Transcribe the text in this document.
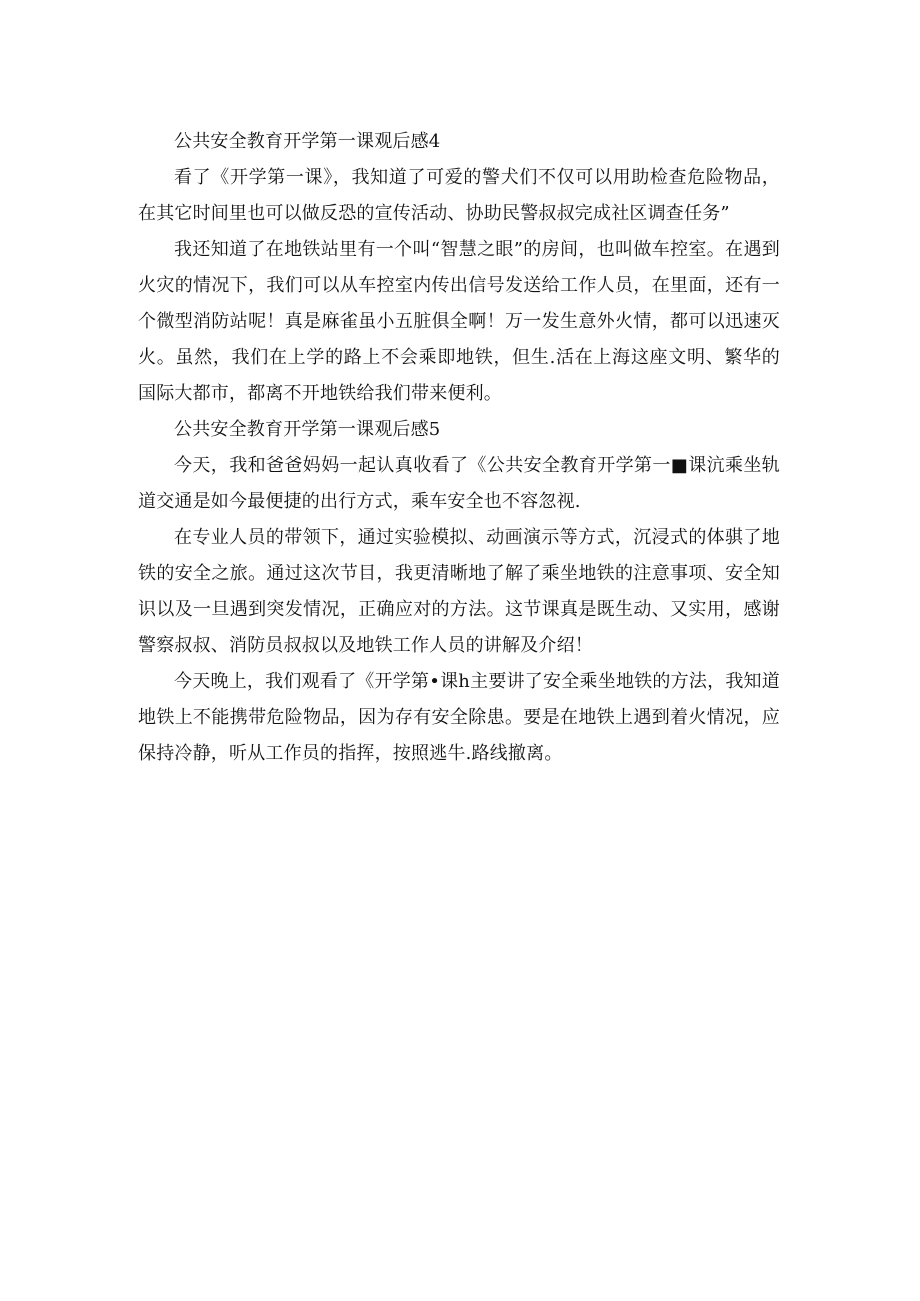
公共安全教育开学第一课观后感4

看了《开学第一课》，我知道了可爱的警犬们不仅可以用助检查危险物品，在其它时间里也可以做反恐的宣传活动、协助民警叔叔完成社区调查任务”

我还知道了在地铁站里有一个叫“智慧之眼”的房间，也叫做车控室。在遇到火灾的情况下，我们可以从车控室内传出信号发送给工作人员，在里面，还有一个微型消防站呢！真是麻雀虽小五脏俱全啊！万一发生意外火情，都可以迅速灭火。虽然，我们在上学的路上不会乘即地铁，但生.活在上海这座文明、繁华的国际大都市，都离不开地铁给我们带来便利。

公共安全教育开学第一课观后感5

今天，我和爸爸妈妈一起认真收看了《公共安全教育开学第一■课沆乘坐轨道交通是如今最便捷的出行方式，乘车安全也不容忽视.

在专业人员的带领下，通过实验模拟、动画演示等方式，沉浸式的体骐了地铁的安全之旅。通过这次节目，我更清晰地了解了乘坐地铁的注意事项、安全知识以及一旦遇到突发情况，正确应对的方法。这节课真是既生动、又实用，感谢警察叔叔、消防员叔叔以及地铁工作人员的讲解及介绍！

今天晚上，我们观看了《开学第•课h主要讲了安全乘坐地铁的方法，我知道地铁上不能携带危险物品，因为存有安全除患。要是在地铁上遇到着火情况，应保持冷静，听从工作员的指挥，按照逃牛.路线撤离。
